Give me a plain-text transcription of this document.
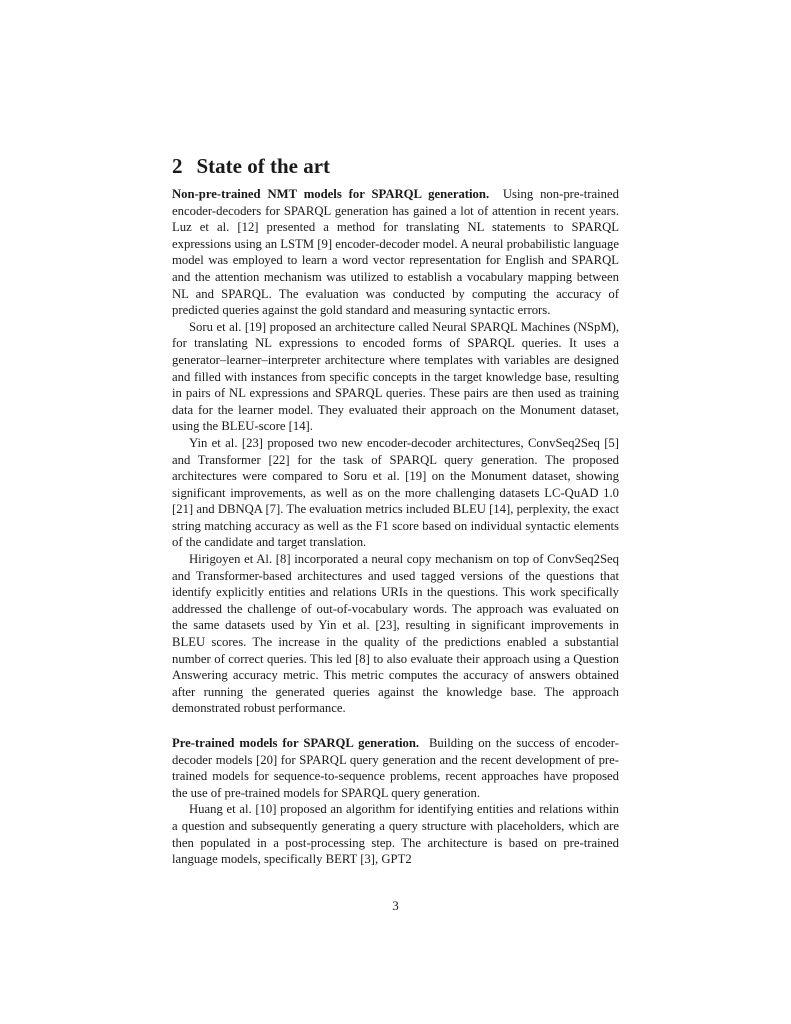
2 State of the art

Non-pre-trained NMT models for SPARQL generation. Using non-pre-trained encoder-decoders for SPARQL generation has gained a lot of attention in recent years. Luz et al. [12] presented a method for translating NL statements to SPARQL expressions using an LSTM [9] encoder-decoder model. A neural probabilistic language model was employed to learn a word vector representation for English and SPARQL and the attention mechanism was utilized to establish a vocabulary mapping between NL and SPARQL. The evaluation was conducted by computing the accuracy of predicted queries against the gold standard and measuring syntactic errors.

Soru et al. [19] proposed an architecture called Neural SPARQL Machines (NSpM), for translating NL expressions to encoded forms of SPARQL queries. It uses a generator–learner–interpreter architecture where templates with variables are designed and filled with instances from specific concepts in the target knowledge base, resulting in pairs of NL expressions and SPARQL queries. These pairs are then used as training data for the learner model. They evaluated their approach on the Monument dataset, using the BLEU-score [14].

Yin et al. [23] proposed two new encoder-decoder architectures, ConvSeq2Seq [5] and Transformer [22] for the task of SPARQL query generation. The proposed architectures were compared to Soru et al. [19] on the Monument dataset, showing significant improvements, as well as on the more challenging datasets LC-QuAD 1.0 [21] and DBNQA [7]. The evaluation metrics included BLEU [14], perplexity, the exact string matching accuracy as well as the F1 score based on individual syntactic elements of the candidate and target translation.

Hirigoyen et Al. [8] incorporated a neural copy mechanism on top of ConvSeq2Seq and Transformer-based architectures and used tagged versions of the questions that identify explicitly entities and relations URIs in the questions. This work specifically addressed the challenge of out-of-vocabulary words. The approach was evaluated on the same datasets used by Yin et al. [23], resulting in significant improvements in BLEU scores. The increase in the quality of the predictions enabled a substantial number of correct queries. This led [8] to also evaluate their approach using a Question Answering accuracy metric. This metric computes the accuracy of answers obtained after running the generated queries against the knowledge base. The approach demonstrated robust performance.

Pre-trained models for SPARQL generation. Building on the success of encoder-decoder models [20] for SPARQL query generation and the recent development of pre-trained models for sequence-to-sequence problems, recent approaches have proposed the use of pre-trained models for SPARQL query generation.

Huang et al. [10] proposed an algorithm for identifying entities and relations within a question and subsequently generating a query structure with placeholders, which are then populated in a post-processing step. The architecture is based on pre-trained language models, specifically BERT [3], GPT2

3
